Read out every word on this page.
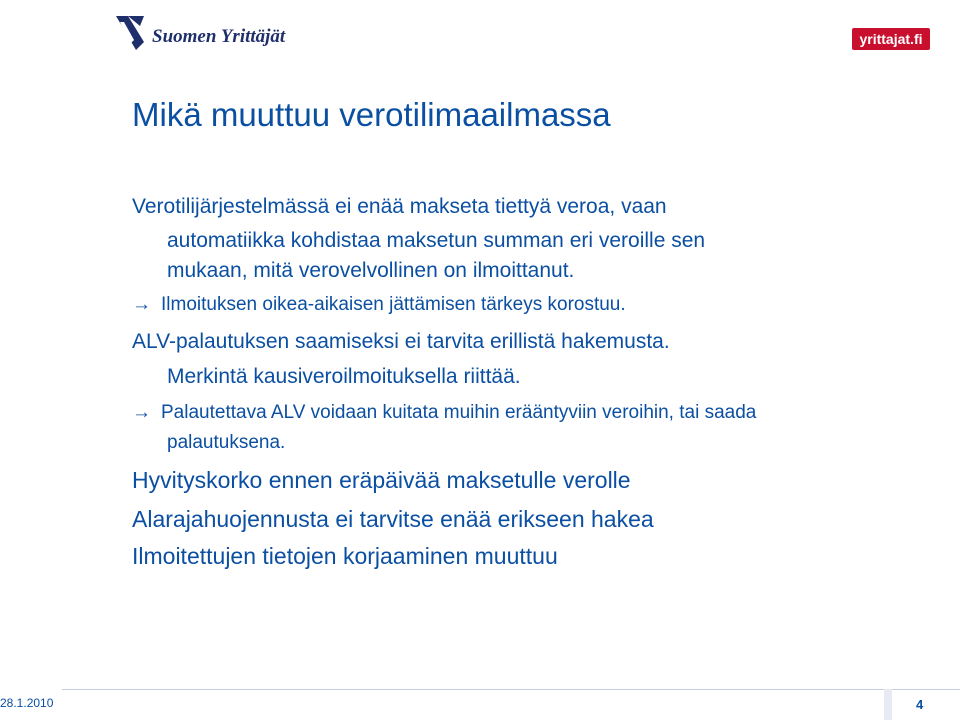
Suomen Yrittäjät	yrittajat.fi
Mikä muuttuu verotilimaailmassa

Verotilijärjestelmässä ei enää makseta tiettyä veroa, vaan

automatiikka kohdistaa maksetun summan eri veroille sen

mukaan, mitä verovelvollinen on ilmoittanut.

→ Ilmoituksen oikea-aikaisen jättämisen tärkeys korostuu.

ALV-palautuksen saamiseksi ei tarvita erillistä hakemusta.

Merkintä kausiveroilmoituksella riittää.

→ Palautettava ALV voidaan kuitata muihin erääntyviin veroihin, tai saada

palautuksena.

Hyvityskorko ennen eräpäivää maksetulle verolle

Alarajahuojennusta ei tarvitse enää erikseen hakea

Ilmoitettujen tietojen korjaaminen muuttuu

28.1.2010	4
